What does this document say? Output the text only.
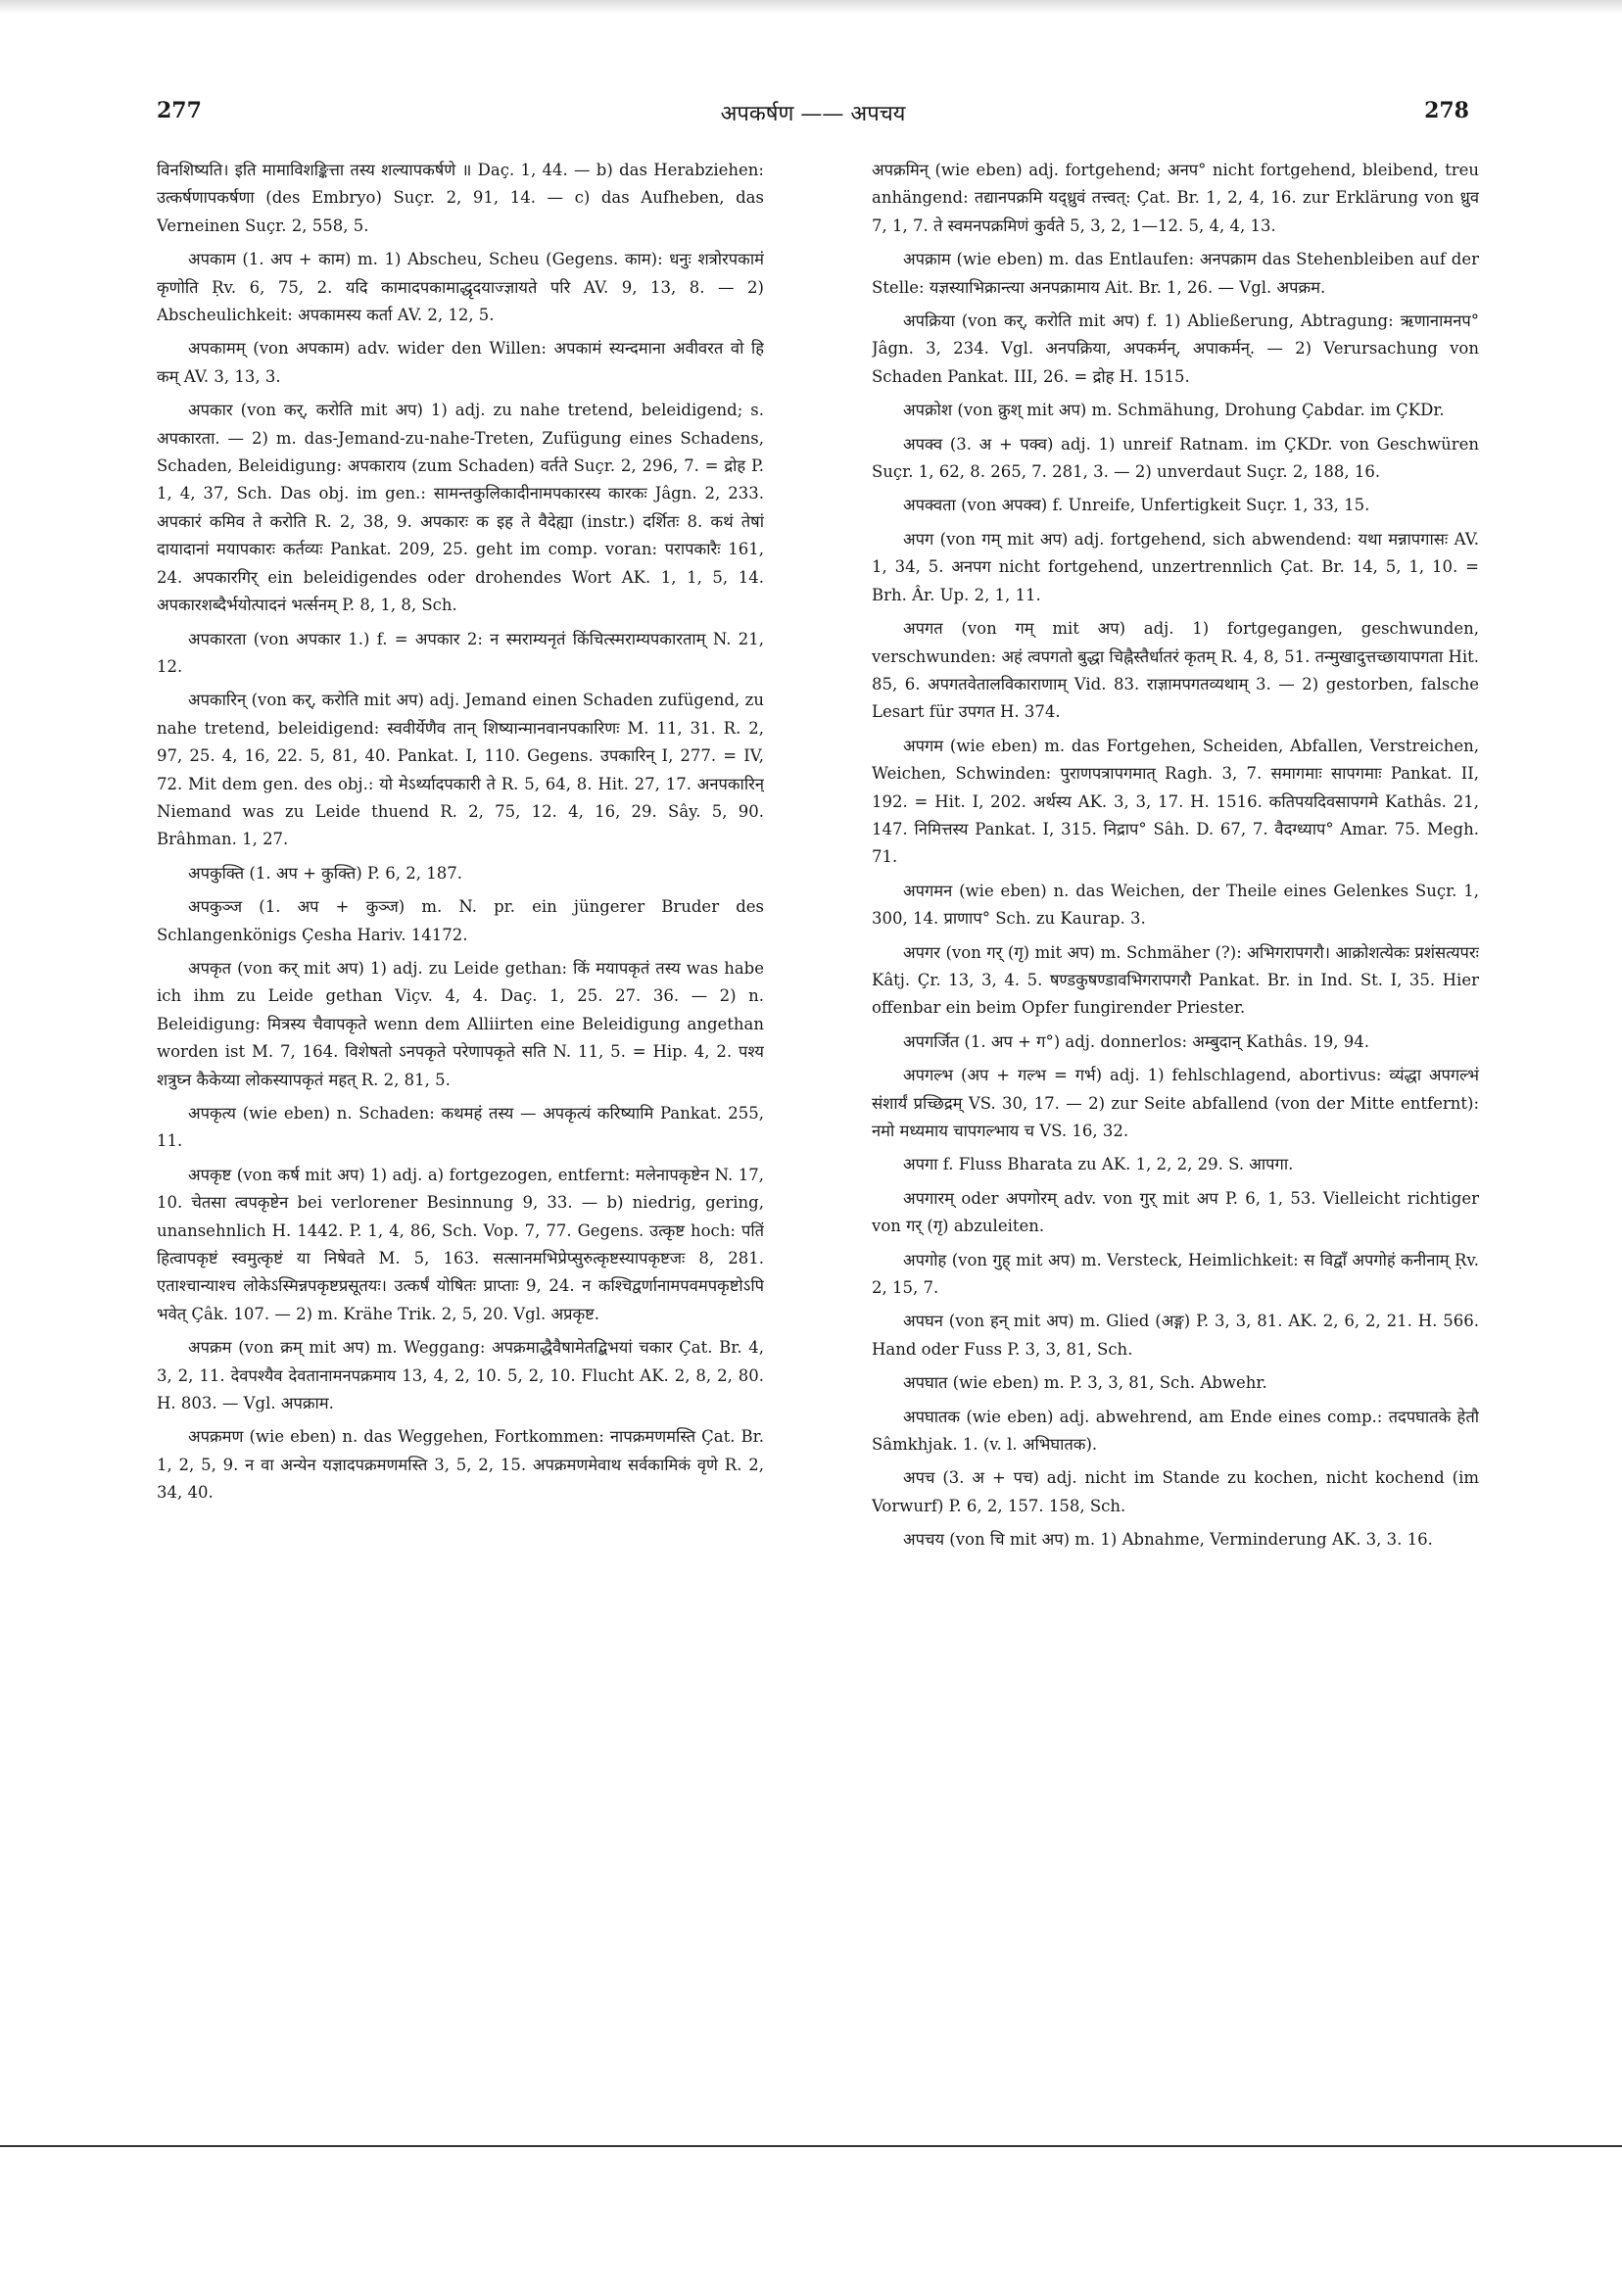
277	अपकर्षण —— अपचय	278

विनशिष्यति। इति मामाविशङ्कित्ता तस्य शल्यापकर्षणे ॥ Daç. 1, 44. — b) das Herabziehen: उत्कर्षणापकर्षणा (des Embryo) Suçr. 2, 91, 14. — c) das Aufheben, das Verneinen Suçr. 2, 558, 5.

अपकाम (1. अप + काम) m. 1) Abscheu, Scheu (Gegens. काम): धनुः शत्रोरपकामं कृणोति Ṛv. 6, 75, 2. यदि कामादपकामाद्धृदयाज्ज्ञायते परि AV. 9, 13, 8. — 2) Abscheulichkeit: अपकामस्य कर्ता AV. 2, 12, 5.

अपकामम् (von अपकाम) adv. wider den Willen: अपकामं स्यन्दमाना अवीवरत वो हि कम् AV. 3, 13, 3.

अपकार (von कर्, करोति mit अप) 1) adj. zu nahe tretend, beleidigend; s. अपकारता. — 2) m. das-Jemand-zu-nahe-Treten, Zufügung eines Schadens, Schaden, Beleidigung: अपकाराय (zum Schaden) वर्तते Suçr. 2, 296, 7. = द्रोह P. 1, 4, 37, Sch. Das obj. im gen.: सामन्तकुलिकादीनामपकारस्य कारकः Jâgn. 2, 233. अपकारं कमिव ते करोति R. 2, 38, 9. अपकारः क इह ते वैदेह्या (instr.) दर्शितः 8. कथं तेषां दायादानां मयापकारः कर्तव्यः Pankat. 209, 25. geht im comp. voran: परापकारैः 161, 24. अपकारगिर् ein beleidigendes oder drohendes Wort AK. 1, 1, 5, 14. अपकारशब्दैर्भयोत्पादनं भर्त्सनम् P. 8, 1, 8, Sch.

अपकारता (von अपकार 1.) f. = अपकार 2: न स्मराम्यनृतं किंचित्स्मराम्यपकारताम् N. 21, 12.

अपकारिन् (von कर्, करोति mit अप) adj. Jemand einen Schaden zufügend, zu nahe tretend, beleidigend: स्ववीर्येणैव तान् शिष्यान्मानवानपकारिणः M. 11, 31. R. 2, 97, 25. 4, 16, 22. 5, 81, 40. Pankat. I, 110. Gegens. उपकारिन् I, 277. = IV, 72. Mit dem gen. des obj.: यो मेऽर्थ्यादपकारी ते R. 5, 64, 8. Hit. 27, 17. अनपकारिन् Niemand was zu Leide thuend R. 2, 75, 12. 4, 16, 29. Sây. 5, 90. Brâhman. 1, 27.

अपकुक्ति (1. अप + कुक्ति) P. 6, 2, 187.

अपकुञ्ज (1. अप + कुञ्ज) m. N. pr. ein jüngerer Bruder des Schlangenkönigs Çesha Hariv. 14172.

अपकृत (von कर् mit अप) 1) adj. zu Leide gethan: किं मयापकृतं तस्य was habe ich ihm zu Leide gethan Viçv. 4, 4. Daç. 1, 25. 27. 36. — 2) n. Beleidigung: मित्रस्य चैवापकृते wenn dem Alliirten eine Beleidigung angethan worden ist M. 7, 164. विशेषतो ऽनपकृते परेणापकृते सति N. 11, 5. = Hip. 4, 2. पश्य शत्रुघ्न कैकेय्या लोकस्यापकृतं महत् R. 2, 81, 5.

अपकृत्य (wie eben) n. Schaden: कथमहं तस्य — अपकृत्यं करिष्यामि Pankat. 255, 11.

अपकृष्ट (von कर्ष mit अप) 1) adj. a) fortgezogen, entfernt: मलेनापकृष्टेन N. 17, 10. चेतसा त्वपकृष्टेन bei verlorener Besinnung 9, 33. — b) niedrig, gering, unansehnlich H. 1442. P. 1, 4, 86, Sch. Vop. 7, 77. Gegens. उत्कृष्ट hoch: पतिं हित्वापकृष्टं स्वमुत्कृष्टं या निषेवते M. 5, 163. सत्सानमभिप्रेप्सुरुत्कृष्टस्यापकृष्टजः 8, 281. एताश्चान्याश्च लोकेऽस्मिन्नपकृष्टप्रसूतयः। उत्कर्षं योषितः प्राप्ताः 9, 24. न कश्चिद्वर्णानामपवमपकृष्टोऽपि भवेत् Çâk. 107. — 2) m. Krähe Trik. 2, 5, 20. Vgl. अप्रकृष्ट.

अपक्रम (von क्रम् mit अप) m. Weggang: अपक्रमाद्धैवैषामेतद्बिभयां चकार Çat. Br. 4, 3, 2, 11. देवपश्यैव देवतानामनपक्रमाय 13, 4, 2, 10. 5, 2, 10. Flucht AK. 2, 8, 2, 80. H. 803. — Vgl. अपक्राम.

अपक्रमण (wie eben) n. das Weggehen, Fortkommen: नापक्रमणमस्ति Çat. Br. 1, 2, 5, 9. न वा अन्येन यज्ञादपक्रमणमस्ति 3, 5, 2, 15. अपक्रमणमेवाथ सर्वकामिकं वृणे R. 2, 34, 40.

अपक्रमिन् (wie eben) adj. fortgehend; अनप° nicht fortgehend, bleibend, treu anhängend: तद्यानपक्रमि यद्ध्रुवं तत्त्वत्: Çat. Br. 1, 2, 4, 16. zur Erklärung von ध्रुव 7, 1, 7. ते स्वमनपक्रमिणं कुर्वते 5, 3, 2, 1—12. 5, 4, 4, 13.

अपक्राम (wie eben) m. das Entlaufen: अनपक्राम das Stehenbleiben auf der Stelle: यज्ञस्याभिक्रान्त्या अनपक्रामाय Ait. Br. 1, 26. — Vgl. अपक्रम.

अपक्रिया (von कर्, करोति mit अप) f. 1) Abließerung, Abtragung: ऋणानामनप° Jâgn. 3, 234. Vgl. अनपक्रिया, अपकर्मन्, अपाकर्मन्. — 2) Verursachung von Schaden Pankat. III, 26. = द्रोह H. 1515.

अपक्रोश (von क्रुश् mit अप) m. Schmähung, Drohung Çabdar. im ÇKDr.

अपक्व (3. अ + पक्व) adj. 1) unreif Ratnam. im ÇKDr. von Geschwüren Suçr. 1, 62, 8. 265, 7. 281, 3. — 2) unverdaut Suçr. 2, 188, 16.

अपक्वता (von अपक्व) f. Unreife, Unfertigkeit Suçr. 1, 33, 15.

अपग (von गम् mit अप) adj. fortgehend, sich abwendend: यथा मन्नापगासः AV. 1, 34, 5. अनपग nicht fortgehend, unzertrennlich Çat. Br. 14, 5, 1, 10. = Brh. Âr. Up. 2, 1, 11.

अपगत (von गम् mit अप) adj. 1) fortgegangen, geschwunden, verschwunden: अहं त्वपगतो बुद्धा चिह्नैस्तैर्धातरं कृतम् R. 4, 8, 51. तन्मुखादुत्तच्छायापगता Hit. 85, 6. अपगतवेतालविकाराणाम् Vid. 83. राज्ञामपगतव्यथाम् 3. — 2) gestorben, falsche Lesart für उपगत H. 374.

अपगम (wie eben) m. das Fortgehen, Scheiden, Abfallen, Verstreichen, Weichen, Schwinden: पुराणपत्रापगमात् Ragh. 3, 7. समागमाः सापगमाः Pankat. II, 192. = Hit. I, 202. अर्थस्य AK. 3, 3, 17. H. 1516. कतिपयदिवसापगमे Kathâs. 21, 147. निमित्तस्य Pankat. I, 315. निद्राप° Sâh. D. 67, 7. वैदग्ध्याप° Amar. 75. Megh. 71.

अपगमन (wie eben) n. das Weichen, der Theile eines Gelenkes Suçr. 1, 300, 14. प्राणाप° Sch. zu Kaurap. 3.

अपगर (von गर् (गृ) mit अप) m. Schmäher (?): अभिगरापगरौ। आक्रोशत्येकः प्रशंसत्यपरः Kâtj. Çr. 13, 3, 4. 5. षण्डकुषण्डावभिगरापगरौ Pankat. Br. in Ind. St. I, 35. Hier offenbar ein beim Opfer fungirender Priester.

अपगर्जित (1. अप + ग°) adj. donnerlos: अम्बुदान् Kathâs. 19, 94.

अपगल्भ (अप + गल्भ = गर्भ) adj. 1) fehlschlagend, abortivus: व्यंद्धा अपगल्भं संशार्यं प्रच्छिद्रम् VS. 30, 17. — 2) zur Seite abfallend (von der Mitte entfernt): नमो मध्यमाय चापगल्भाय च VS. 16, 32.

अपगा f. Fluss Bharata zu AK. 1, 2, 2, 29. S. आपगा.

अपगारम् oder अपगोरम् adv. von गुर् mit अप P. 6, 1, 53. Vielleicht richtiger von गर् (गृ) abzuleiten.

अपगोह (von गुह् mit अप) m. Versteck, Heimlichkeit: स विद्वाँ अपगोहं कनीनाम् Ṛv. 2, 15, 7.

अपघन (von हन् mit अप) m. Glied (अङ्ग) P. 3, 3, 81. AK. 2, 6, 2, 21. H. 566. Hand oder Fuss P. 3, 3, 81, Sch.

अपघात (wie eben) m. P. 3, 3, 81, Sch. Abwehr.

अपघातक (wie eben) adj. abwehrend, am Ende eines comp.: तदपघातके हेतौ Sâmkhjak. 1. (v. l. अभिघातक).

अपच (3. अ + पच) adj. nicht im Stande zu kochen, nicht kochend (im Vorwurf) P. 6, 2, 157. 158, Sch.

अपचय (von चि mit अप) m. 1) Abnahme, Verminderung AK. 3, 3. 16.
